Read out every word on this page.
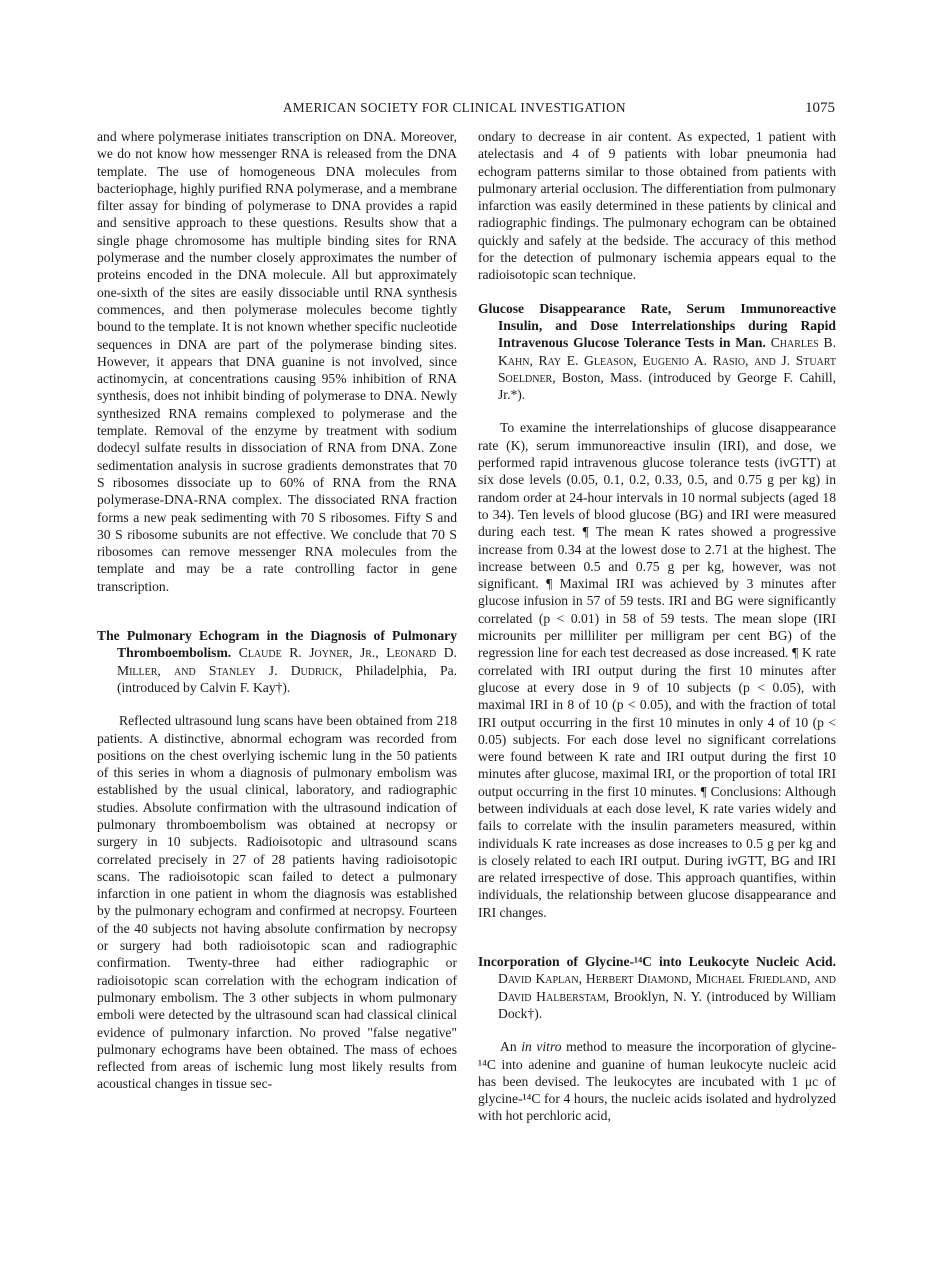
AMERICAN SOCIETY FOR CLINICAL INVESTIGATION	1075

and where polymerase initiates transcription on DNA. Moreover, we do not know how messenger RNA is released from the DNA template. The use of homogeneous DNA molecules from bacteriophage, highly purified RNA polymerase, and a membrane filter assay for binding of polymerase to DNA provides a rapid and sensitive approach to these questions. Results show that a single phage chromosome has multiple binding sites for RNA polymerase and the number closely approximates the number of proteins encoded in the DNA molecule. All but approximately one-sixth of the sites are easily dissociable until RNA synthesis commences, and then polymerase molecules become tightly bound to the template. It is not known whether specific nucleotide sequences in DNA are part of the polymerase binding sites. However, it appears that DNA guanine is not involved, since actinomycin, at concentrations causing 95% inhibition of RNA synthesis, does not inhibit binding of polymerase to DNA. Newly synthesized RNA remains complexed to polymerase and the template. Removal of the enzyme by treatment with sodium dodecyl sulfate results in dissociation of RNA from DNA. Zone sedimentation analysis in sucrose gradients demonstrates that 70 S ribosomes dissociate up to 60% of RNA from the RNA polymerase-DNA-RNA complex. The dissociated RNA fraction forms a new peak sedimenting with 70 S ribosomes. Fifty S and 30 S ribosome subunits are not effective. We conclude that 70 S ribosomes can remove messenger RNA molecules from the template and may be a rate controlling factor in gene transcription.

The Pulmonary Echogram in the Diagnosis of Pulmonary Thromboembolism. Claude R. Joyner, Jr., Leonard D. Miller, and Stanley J. Dudrick, Philadelphia, Pa. (introduced by Calvin F. Kay†).

Reflected ultrasound lung scans have been obtained from 218 patients. A distinctive, abnormal echogram was recorded from positions on the chest overlying ischemic lung in the 50 patients of this series in whom a diagnosis of pulmonary embolism was established by the usual clinical, laboratory, and radiographic studies. Absolute confirmation with the ultrasound indication of pulmonary thromboembolism was obtained at necropsy or surgery in 10 subjects. Radioisotopic and ultrasound scans correlated precisely in 27 of 28 patients having radioisotopic scans. The radioisotopic scan failed to detect a pulmonary infarction in one patient in whom the diagnosis was established by the pulmonary echogram and confirmed at necropsy. Fourteen of the 40 subjects not having absolute confirmation by necropsy or surgery had both radioisotopic scan and radiographic confirmation. Twenty-three had either radiographic or radioisotopic scan correlation with the echogram indication of pulmonary embolism. The 3 other subjects in whom pulmonary emboli were detected by the ultrasound scan had classical clinical evidence of pulmonary infarction. No proved "false negative" pulmonary echograms have been obtained. The mass of echoes reflected from areas of ischemic lung most likely results from acoustical changes in tissue sec-

ondary to decrease in air content. As expected, 1 patient with atelectasis and 4 of 9 patients with lobar pneumonia had echogram patterns similar to those obtained from patients with pulmonary arterial occlusion. The differentiation from pulmonary infarction was easily determined in these patients by clinical and radiographic findings. The pulmonary echogram can be obtained quickly and safely at the bedside. The accuracy of this method for the detection of pulmonary ischemia appears equal to the radioisotopic scan technique.

Glucose Disappearance Rate, Serum Immunoreactive Insulin, and Dose Interrelationships during Rapid Intravenous Glucose Tolerance Tests in Man. Charles B. Kahn, Ray E. Gleason, Eugenio A. Rasio, and J. Stuart Soeldner, Boston, Mass. (introduced by George F. Cahill, Jr.*).

To examine the interrelationships of glucose disappearance rate (K), serum immunoreactive insulin (IRI), and dose, we performed rapid intravenous glucose tolerance tests (ivGTT) at six dose levels (0.05, 0.1, 0.2, 0.33, 0.5, and 0.75 g per kg) in random order at 24-hour intervals in 10 normal subjects (aged 18 to 34). Ten levels of blood glucose (BG) and IRI were measured during each test. ¶ The mean K rates showed a progressive increase from 0.34 at the lowest dose to 2.71 at the highest. The increase between 0.5 and 0.75 g per kg, however, was not significant. ¶ Maximal IRI was achieved by 3 minutes after glucose infusion in 57 of 59 tests. IRI and BG were significantly correlated (p < 0.01) in 58 of 59 tests. The mean slope (IRI microunits per milliliter per milligram per cent BG) of the regression line for each test decreased as dose increased. ¶ K rate correlated with IRI output during the first 10 minutes after glucose at every dose in 9 of 10 subjects (p < 0.05), with maximal IRI in 8 of 10 (p < 0.05), and with the fraction of total IRI output occurring in the first 10 minutes in only 4 of 10 (p < 0.05) subjects. For each dose level no significant correlations were found between K rate and IRI output during the first 10 minutes after glucose, maximal IRI, or the proportion of total IRI output occurring in the first 10 minutes. ¶ Conclusions: Although between individuals at each dose level, K rate varies widely and fails to correlate with the insulin parameters measured, within individuals K rate increases as dose increases to 0.5 g per kg and is closely related to each IRI output. During ivGTT, BG and IRI are related irrespective of dose. This approach quantifies, within individuals, the relationship between glucose disappearance and IRI changes.

Incorporation of Glycine-¹⁴C into Leukocyte Nucleic Acid. David Kaplan, Herbert Diamond, Michael Friedland, and David Halberstam, Brooklyn, N. Y. (introduced by William Dock†).

An in vitro method to measure the incorporation of glycine-¹⁴C into adenine and guanine of human leukocyte nucleic acid has been devised. The leukocytes are incubated with 1 μc of glycine-¹⁴C for 4 hours, the nucleic acids isolated and hydrolyzed with hot perchloric acid,
